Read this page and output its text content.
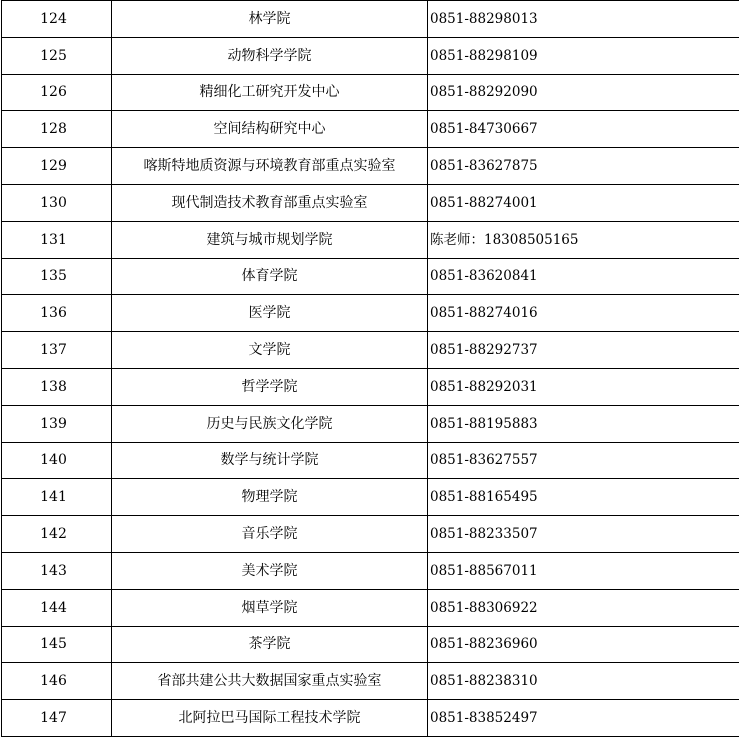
124	林学院	0851-88298013
125	动物科学学院	0851-88298109
126	精细化工研究开发中心	0851-88292090
128	空间结构研究中心	0851-84730667
129	喀斯特地质资源与环境教育部重点实验室	0851-83627875
130	现代制造技术教育部重点实验室	0851-88274001
131	建筑与城市规划学院	陈老师：18308505165
135	体育学院	0851-83620841
136	医学院	0851-88274016
137	文学院	0851-88292737
138	哲学学院	0851-88292031
139	历史与民族文化学院	0851-88195883
140	数学与统计学院	0851-83627557
141	物理学院	0851-88165495
142	音乐学院	0851-88233507
143	美术学院	0851-88567011
144	烟草学院	0851-88306922
145	茶学院	0851-88236960
146	省部共建公共大数据国家重点实验室	0851-88238310
147	北阿拉巴马国际工程技术学院	0851-83852497
